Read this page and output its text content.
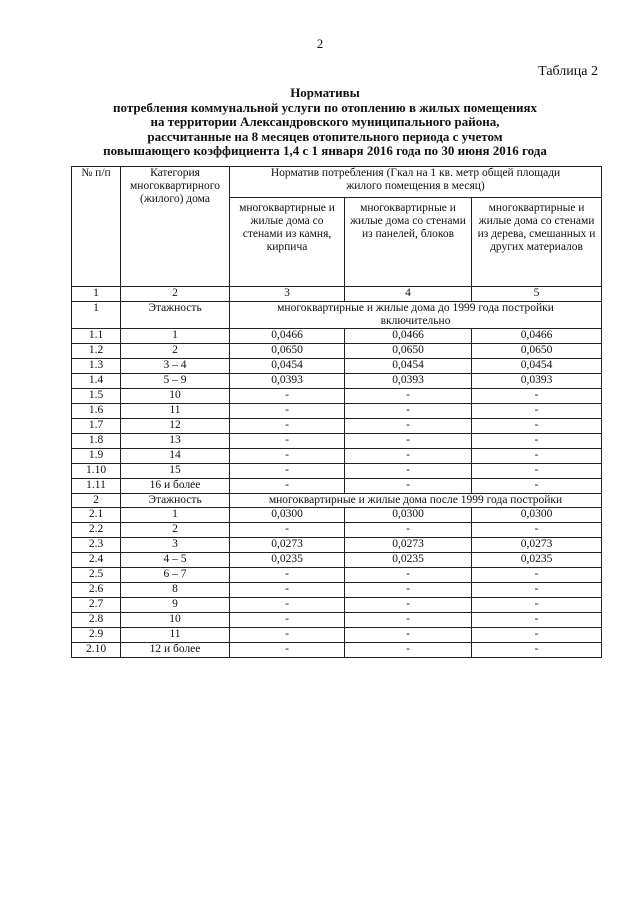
2
Таблица 2
Нормативы
потребления коммунальной услуги по отоплению в жилых помещениях
на территории Александровского муниципального района,
рассчитанные на 8 месяцев отопительного периода с учетом
повышающего коэффициента 1,4 с 1 января 2016 года по 30 июня 2016 года
№ п/п	Категория многоквартирного (жилого) дома	Норматив потребления (Гкал на 1 кв. метр общей площади жилого помещения в месяц)		
		многоквартирные и жилые дома со стенами из камня, кирпича	многоквартирные и жилые дома со стенами из панелей, блоков	многоквартирные и жилые дома со стенами из дерева, смешанных и других материалов
1	2	3	4	5
1	Этажность	многоквартирные и жилые дома до 1999 года постройки включительно		
1.1	1	0,0466	0,0466	0,0466
1.2	2	0,0650	0,0650	0,0650
1.3	3 – 4	0,0454	0,0454	0,0454
1.4	5 – 9	0,0393	0,0393	0,0393
1.5	10	-	-	-
1.6	11	-	-	-
1.7	12	-	-	-
1.8	13	-	-	-
1.9	14	-	-	-
1.10	15	-	-	-
1.11	16 и более	-	-	-
2	Этажность	многоквартирные и жилые дома после 1999 года постройки		
2.1	1	0,0300	0,0300	0,0300
2.2	2	-	-	-
2.3	3	0,0273	0,0273	0,0273
2.4	4 – 5	0,0235	0,0235	0,0235
2.5	6 – 7	-	-	-
2.6	8	-	-	-
2.7	9	-	-	-
2.8	10	-	-	-
2.9	11	-	-	-
2.10	12 и более	-	-	-
